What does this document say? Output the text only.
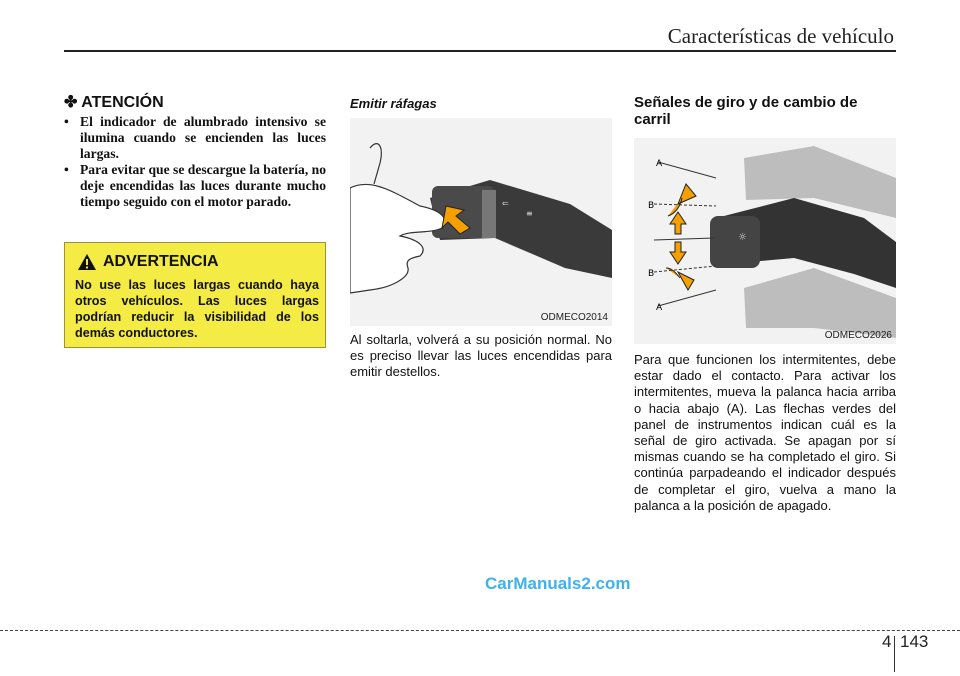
Características de vehículo
✤ ATENCIÓN
• El indicador de alumbrado intensivo se ilumina cuando se encienden las luces largas.
• Para evitar que se descargue la batería, no deje encendidas las luces durante mucho tiempo seguido con el motor parado.
ADVERTENCIA
No use las luces largas cuando haya otros vehículos. Las luces largas podrían reducir la visibilidad de los demás conductores.
Emitir ráfagas
⇐
≡
ODMECO2014
Al soltarla, volverá a su posición normal. No es preciso llevar las luces encendidas para emitir destellos.
Señales de giro y de cambio de carril
☼
A
B
B
A
ODMECO2026
Para que funcionen los intermitentes, debe estar dado el contacto. Para activar los intermitentes, mueva la palanca hacia arriba o hacia abajo (A). Las flechas verdes del panel de instrumentos indican cuál es la señal de giro activada. Se apagan por sí mismas cuando se ha completado el giro. Si continúa parpadeando el indicador después de completar el giro, vuelva a mano la palanca a la posición de apagado.
CarManuals2.com
4 143
